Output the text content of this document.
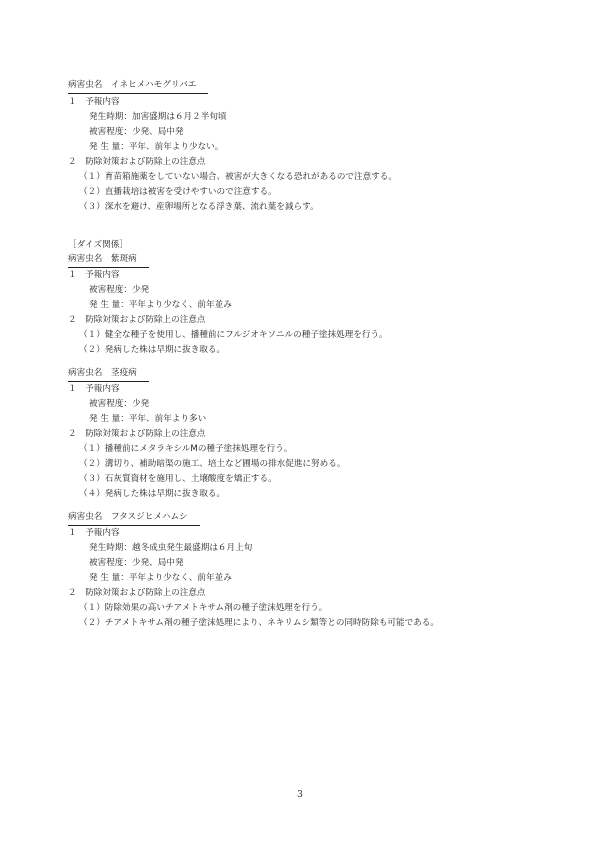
病害虫名　イネヒメハモグリバエ
１　予報内容
発生時期：加害盛期は６月２半旬頃
被害程度：少発、局中発
発 生 量：平年、前年より少ない。
２　防除対策および防除上の注意点
（１）育苗箱施薬をしていない場合、被害が大きくなる恐れがあるので注意する。
（２）直播栽培は被害を受けやすいので注意する。
（３）深水を避け、産卵場所となる浮き葉、流れ葉を減らす。
［ダイズ関係］
病害虫名　紫斑病
１　予報内容
被害程度：少発
発 生 量：平年より少なく、前年並み
２　防除対策および防除上の注意点
（１）健全な種子を使用し、播種前にフルジオキソニルの種子塗抹処理を行う。
（２）発病した株は早期に抜き取る。
病害虫名　茎疫病
１　予報内容
被害程度：少発
発 生 量：平年、前年より多い
２　防除対策および防除上の注意点
（１）播種前にメタラキシルMの種子塗抹処理を行う。
（２）溝切り、補助暗渠の施工、培土など圃場の排水促進に努める。
（３）石灰質資材を施用し、土壌酸度を矯正する。
（４）発病した株は早期に抜き取る。
病害虫名　フタスジヒメハムシ
１　予報内容
発生時期：越冬成虫発生最盛期は６月上旬
被害程度：少発、局中発
発 生 量：平年より少なく、前年並み
２　防除対策および防除上の注意点
（１）防除効果の高いチアメトキサム剤の種子塗沫処理を行う。
（２）チアメトキサム剤の種子塗沫処理により、ネキリムシ類等との同時防除も可能である。
3
